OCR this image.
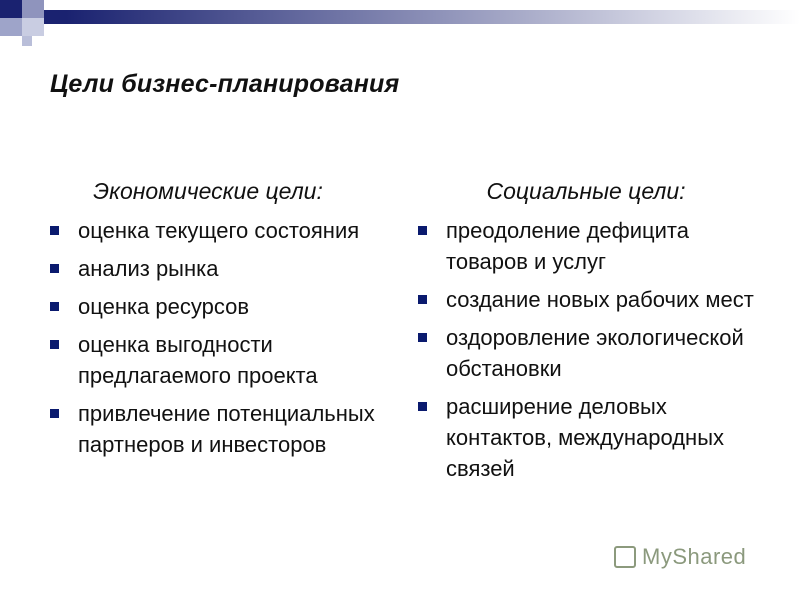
Цели бизнес-планирования
Экономические цели:
оценка текущего состояния
анализ рынка
оценка ресурсов
оценка выгодности предлагаемого проекта
привлечение потенциальных партнеров и инвесторов
Социальные цели:
преодоление дефицита товаров и услуг
создание новых рабочих мест
оздоровление экологической обстановки
расширение деловых контактов, международных связей
MyShared
